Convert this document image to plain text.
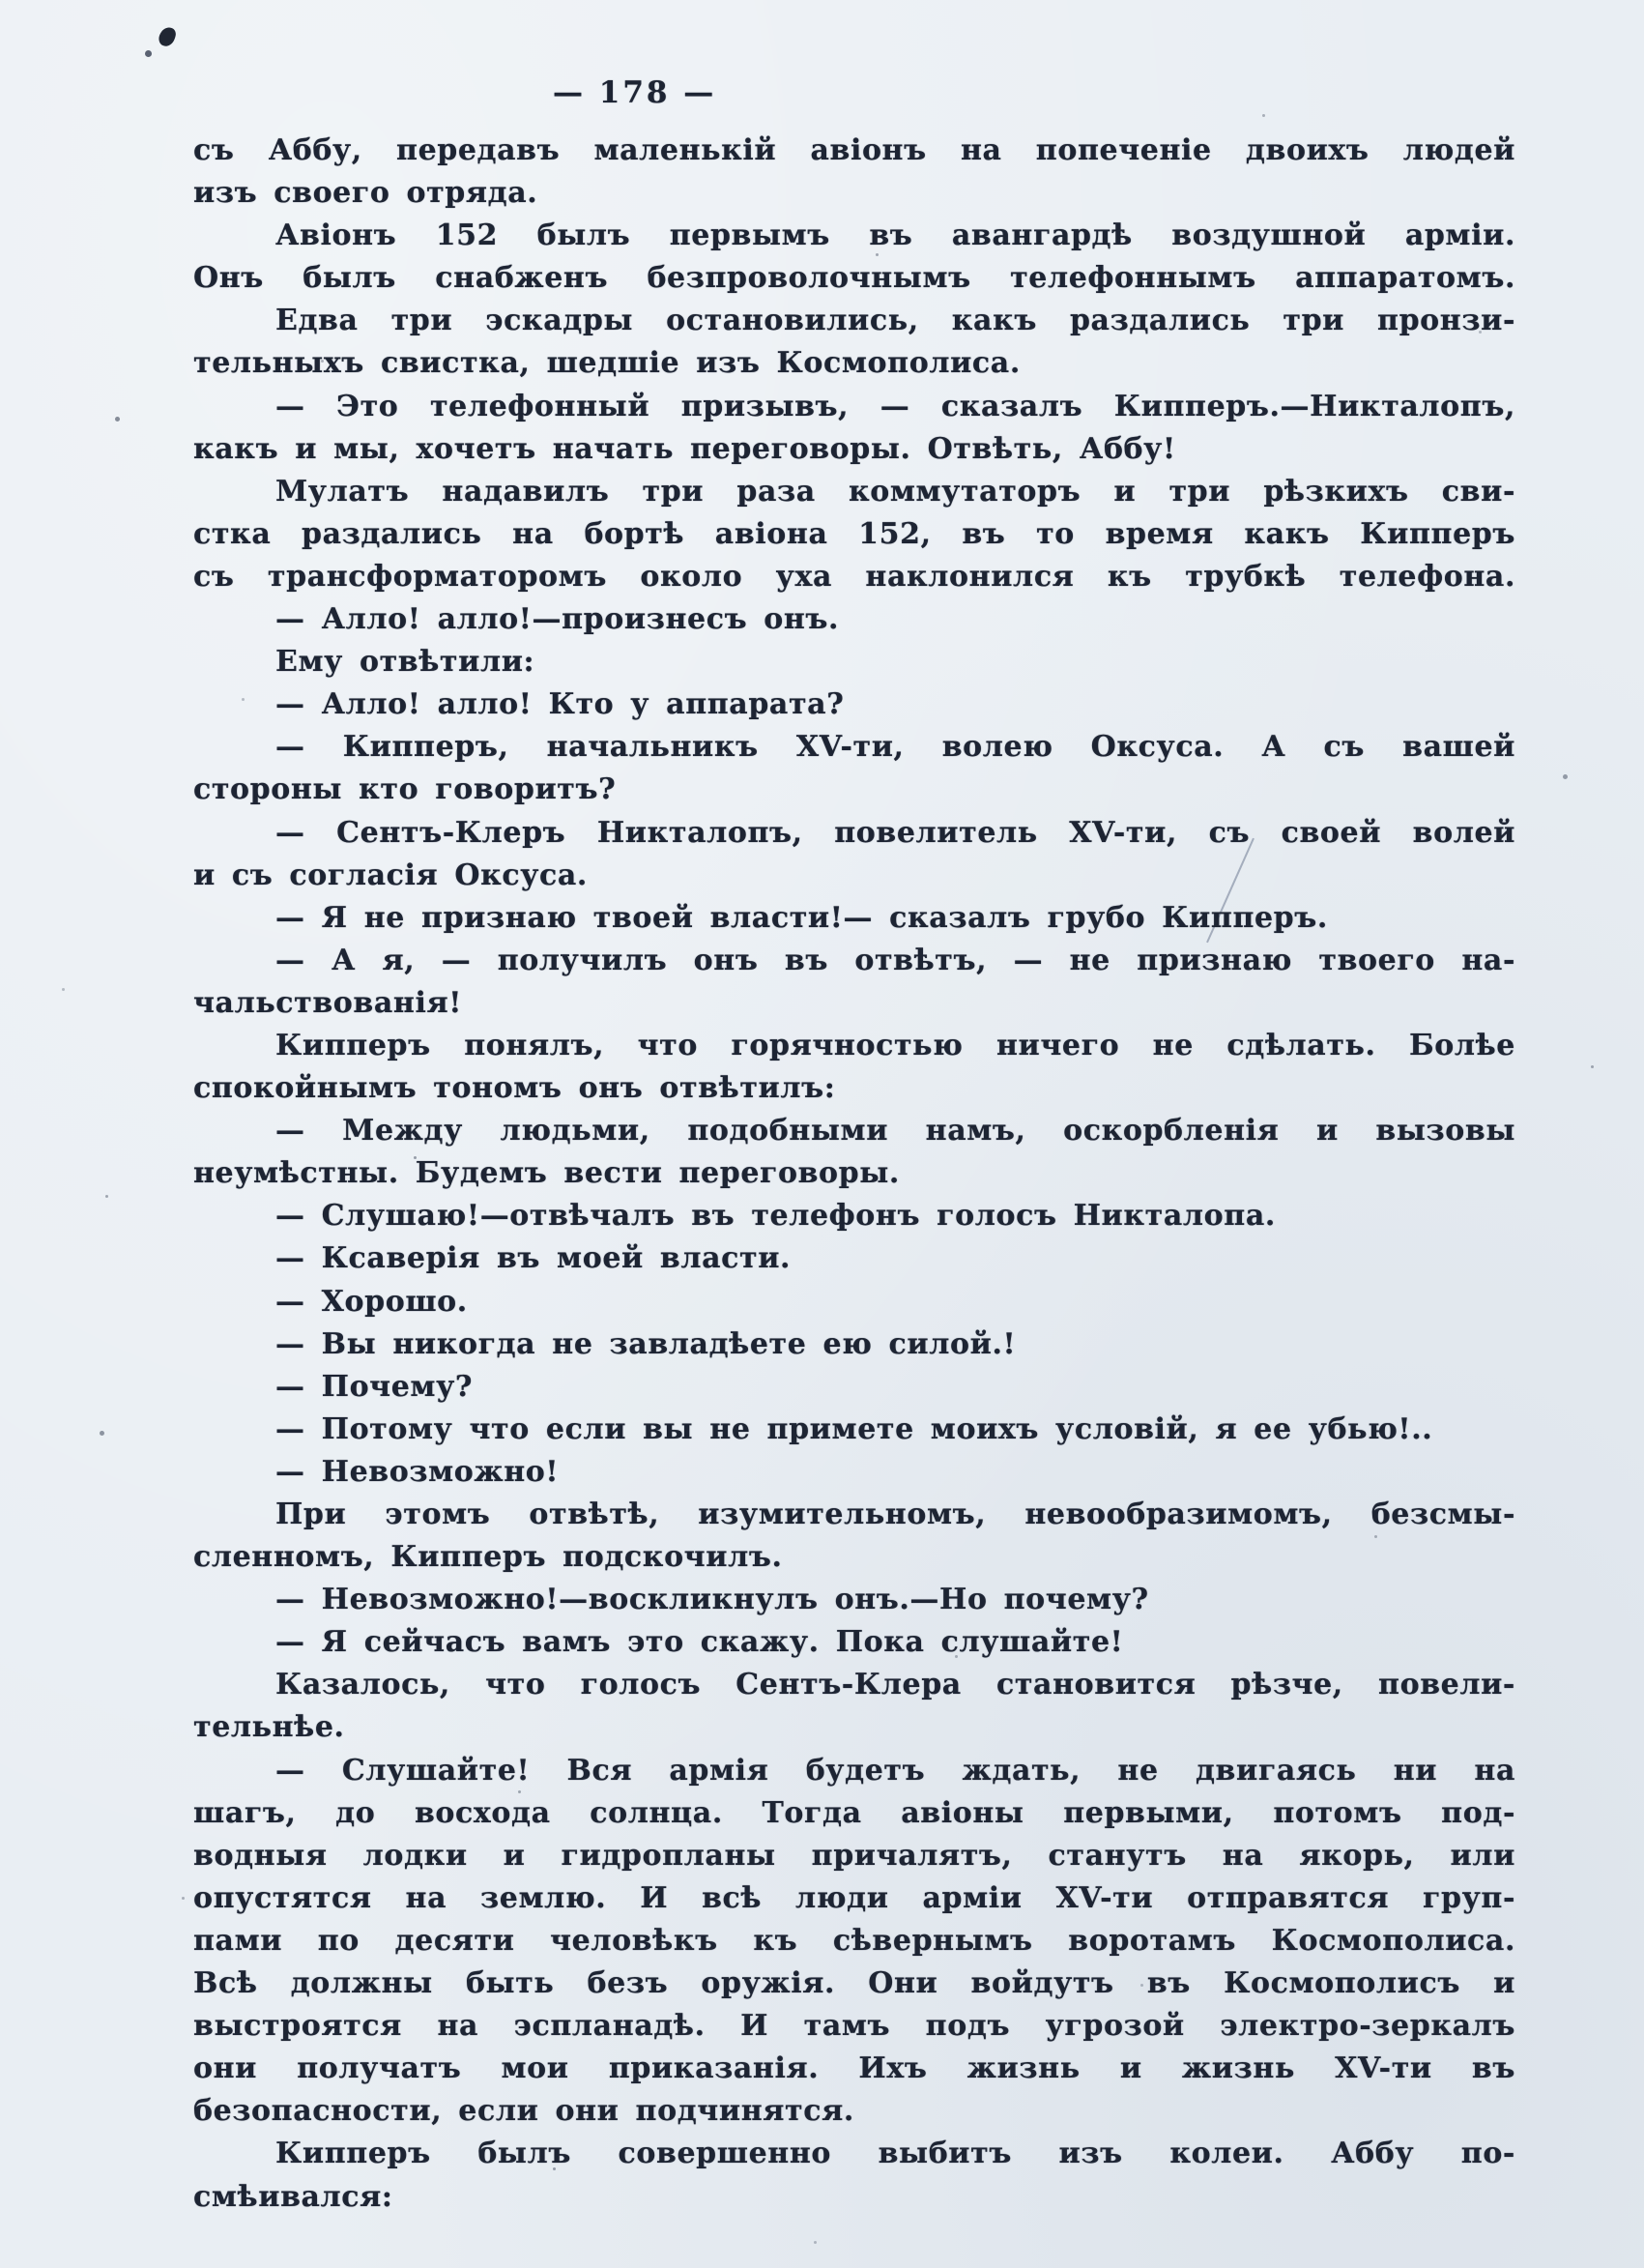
— 178 —
съ Аббу, передавъ маленькій авіонъ на попеченіе двоихъ людей
изъ своего отряда.
Авіонъ 152 былъ первымъ въ авангардѣ воздушной арміи.
Онъ былъ снабженъ безпроволочнымъ телефоннымъ аппаратомъ.
Едва три эскадры остановились, какъ раздались три пронзи-
тельныхъ свистка, шедшіе изъ Космополиса.
— Это телефонный призывъ, — сказалъ Кипперъ.—Никталопъ,
какъ и мы, хочетъ начать переговоры. Отвѣть, Аббу!
Мулатъ надавилъ три раза коммутаторъ и три рѣзкихъ сви-
стка раздались на бортѣ авіона 152, въ то время какъ Кипперъ
съ трансформаторомъ около уха наклонился къ трубкѣ телефона.
— Алло! алло!—произнесъ онъ.
Ему отвѣтили:
— Алло! алло! Кто у аппарата?
— Кипперъ, начальникъ XV-ти, волею Оксуса. А съ вашей
стороны кто говоритъ?
— Сентъ-Клеръ Никталопъ, повелитель XV-ти, съ своей волей
и съ согласія Оксуса.
— Я не признаю твоей власти!— сказалъ грубо Кипперъ.
— А я, — получилъ онъ въ отвѣтъ, — не признаю твоего на-
чальствованія!
Кипперъ понялъ, что горячностью ничего не сдѣлать. Болѣе
спокойнымъ тономъ онъ отвѣтилъ:
— Между людьми, подобными намъ, оскорбленія и вызовы
неумѣстны. Будемъ вести переговоры.
— Слушаю!—отвѣчалъ въ телефонъ голосъ Никталопа.
— Ксаверія въ моей власти.
— Хорошо.
— Вы никогда не завладѣете ею силой.!
— Почему?
— Потому что если вы не примете моихъ условій, я ее убью!..
— Невозможно!
При этомъ отвѣтѣ, изумительномъ, невообразимомъ, безсмы-
сленномъ, Кипперъ подскочилъ.
— Невозможно!—воскликнулъ онъ.—Но почему?
— Я сейчасъ вамъ это скажу. Пока слушайте!
Казалось, что голосъ Сентъ-Клера становится рѣзче, повели-
тельнѣе.
— Слушайте! Вся армія будетъ ждать, не двигаясь ни на
шагъ, до восхода солнца. Тогда авіоны первыми, потомъ под-
водныя лодки и гидропланы причалятъ, станутъ на якорь, или
опустятся на землю. И всѣ люди арміи XV-ти отправятся груп-
пами по десяти человѣкъ къ сѣвернымъ воротамъ Космополиса.
Всѣ должны быть безъ оружія. Они войдутъ въ Космополисъ и
выстроятся на эспланадѣ. И тамъ подъ угрозой электро-зеркалъ
они получатъ мои приказанія. Ихъ жизнь и жизнь XV-ти въ
безопасности, если они подчинятся.
Кипперъ былъ совершенно выбитъ изъ колеи. Аббу по-
смѣивался:
